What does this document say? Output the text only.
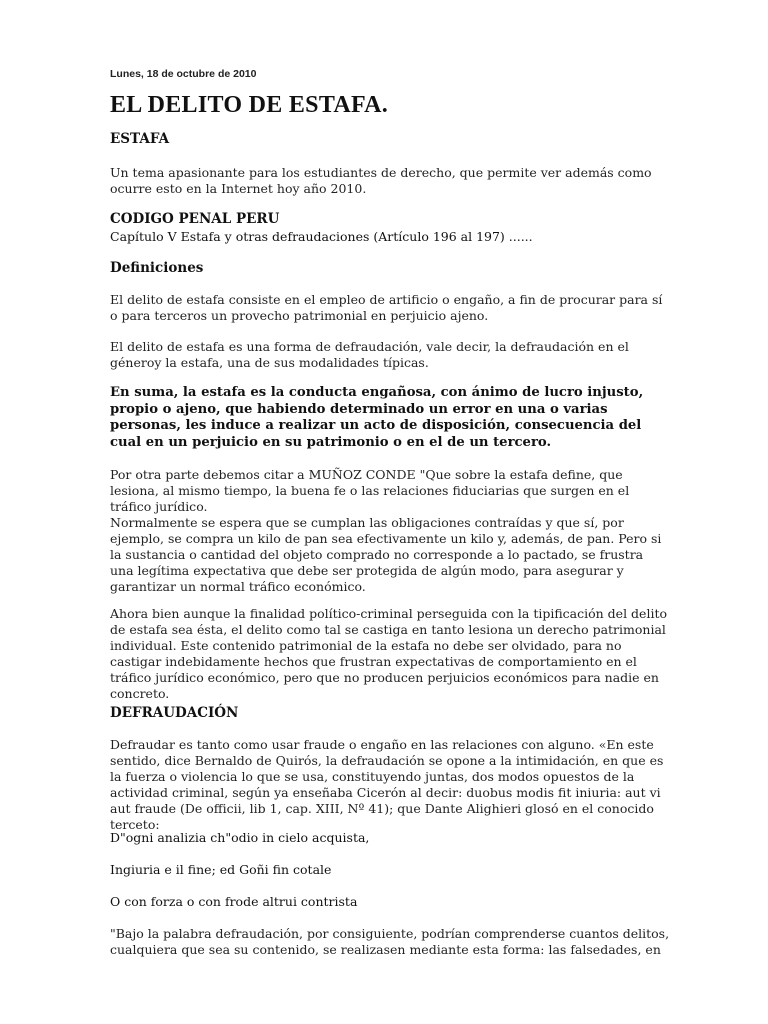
Lunes, 18 de octubre de 2010
EL DELITO DE ESTAFA.
ESTAFA

Un tema apasionante para los estudiantes de derecho, que permite ver además como ocurre esto en la Internet hoy año 2010.

CODIGO PENAL PERU

Capítulo V Estafa y otras defraudaciones (Artículo 196 al 197) ......

Definiciones

El delito de estafa consiste en el empleo de artificio o engaño, a fin de procurar para sí o para terceros un provecho patrimonial en perjuicio ajeno.

El delito de estafa es una forma de defraudación, vale decir, la defraudación en el géneroy la estafa, una de sus modalidades típicas.

En suma, la estafa es la conducta engañosa, con ánimo de lucro injusto, propio o ajeno, que habiendo determinado un error en una o varias personas, les induce a realizar un acto de disposición, consecuencia del cual en un perjuicio en su patrimonio o en el de un tercero.

Por otra parte debemos citar a MUÑOZ CONDE "Que sobre la estafa define, que lesiona, al mismo tiempo, la buena fe o las relaciones fiduciarias que surgen en el tráfico jurídico.

Normalmente se espera que se cumplan las obligaciones contraídas y que sí, por ejemplo, se compra un kilo de pan sea efectivamente un kilo y, además, de pan. Pero si la sustancia o cantidad del objeto comprado no corresponde a lo pactado, se frustra una legítima expectativa que debe ser protegida de algún modo, para asegurar y garantizar un normal tráfico económico.

Ahora bien aunque la finalidad político-criminal perseguida con la tipificación del delito de estafa sea ésta, el delito como tal se castiga en tanto lesiona un derecho patrimonial individual. Este contenido patrimonial de la estafa no debe ser olvidado, para no castigar indebidamente hechos que frustran expectativas de comportamiento en el tráfico jurídico económico, pero que no producen perjuicios económicos para nadie en concreto.

DEFRAUDACIÓN

Defraudar es tanto como usar fraude o engaño en las relaciones con alguno. «En este sentido, dice Bernaldo de Quirós, la defraudación se opone a la intimidación, en que es la fuerza o violencia lo que se usa, constituyendo juntas, dos modos opuestos de la actividad criminal, según ya enseñaba Cicerón al decir: duobus modis fit iniuria: aut vi aut fraude (De officii, lib 1, cap. XIII, Nº 41); que Dante Alighieri glosó en el conocido terceto:

D"ogni analizia ch"odio in cielo acquista,

Ingiuria e il fine; ed Goñi fin cotale

O con forza o con frode altrui contrista

"Bajo la palabra defraudación, por consiguiente, podrían comprenderse cuantos delitos, cualquiera que sea su contenido, se realizasen mediante esta forma: las falsedades, en
